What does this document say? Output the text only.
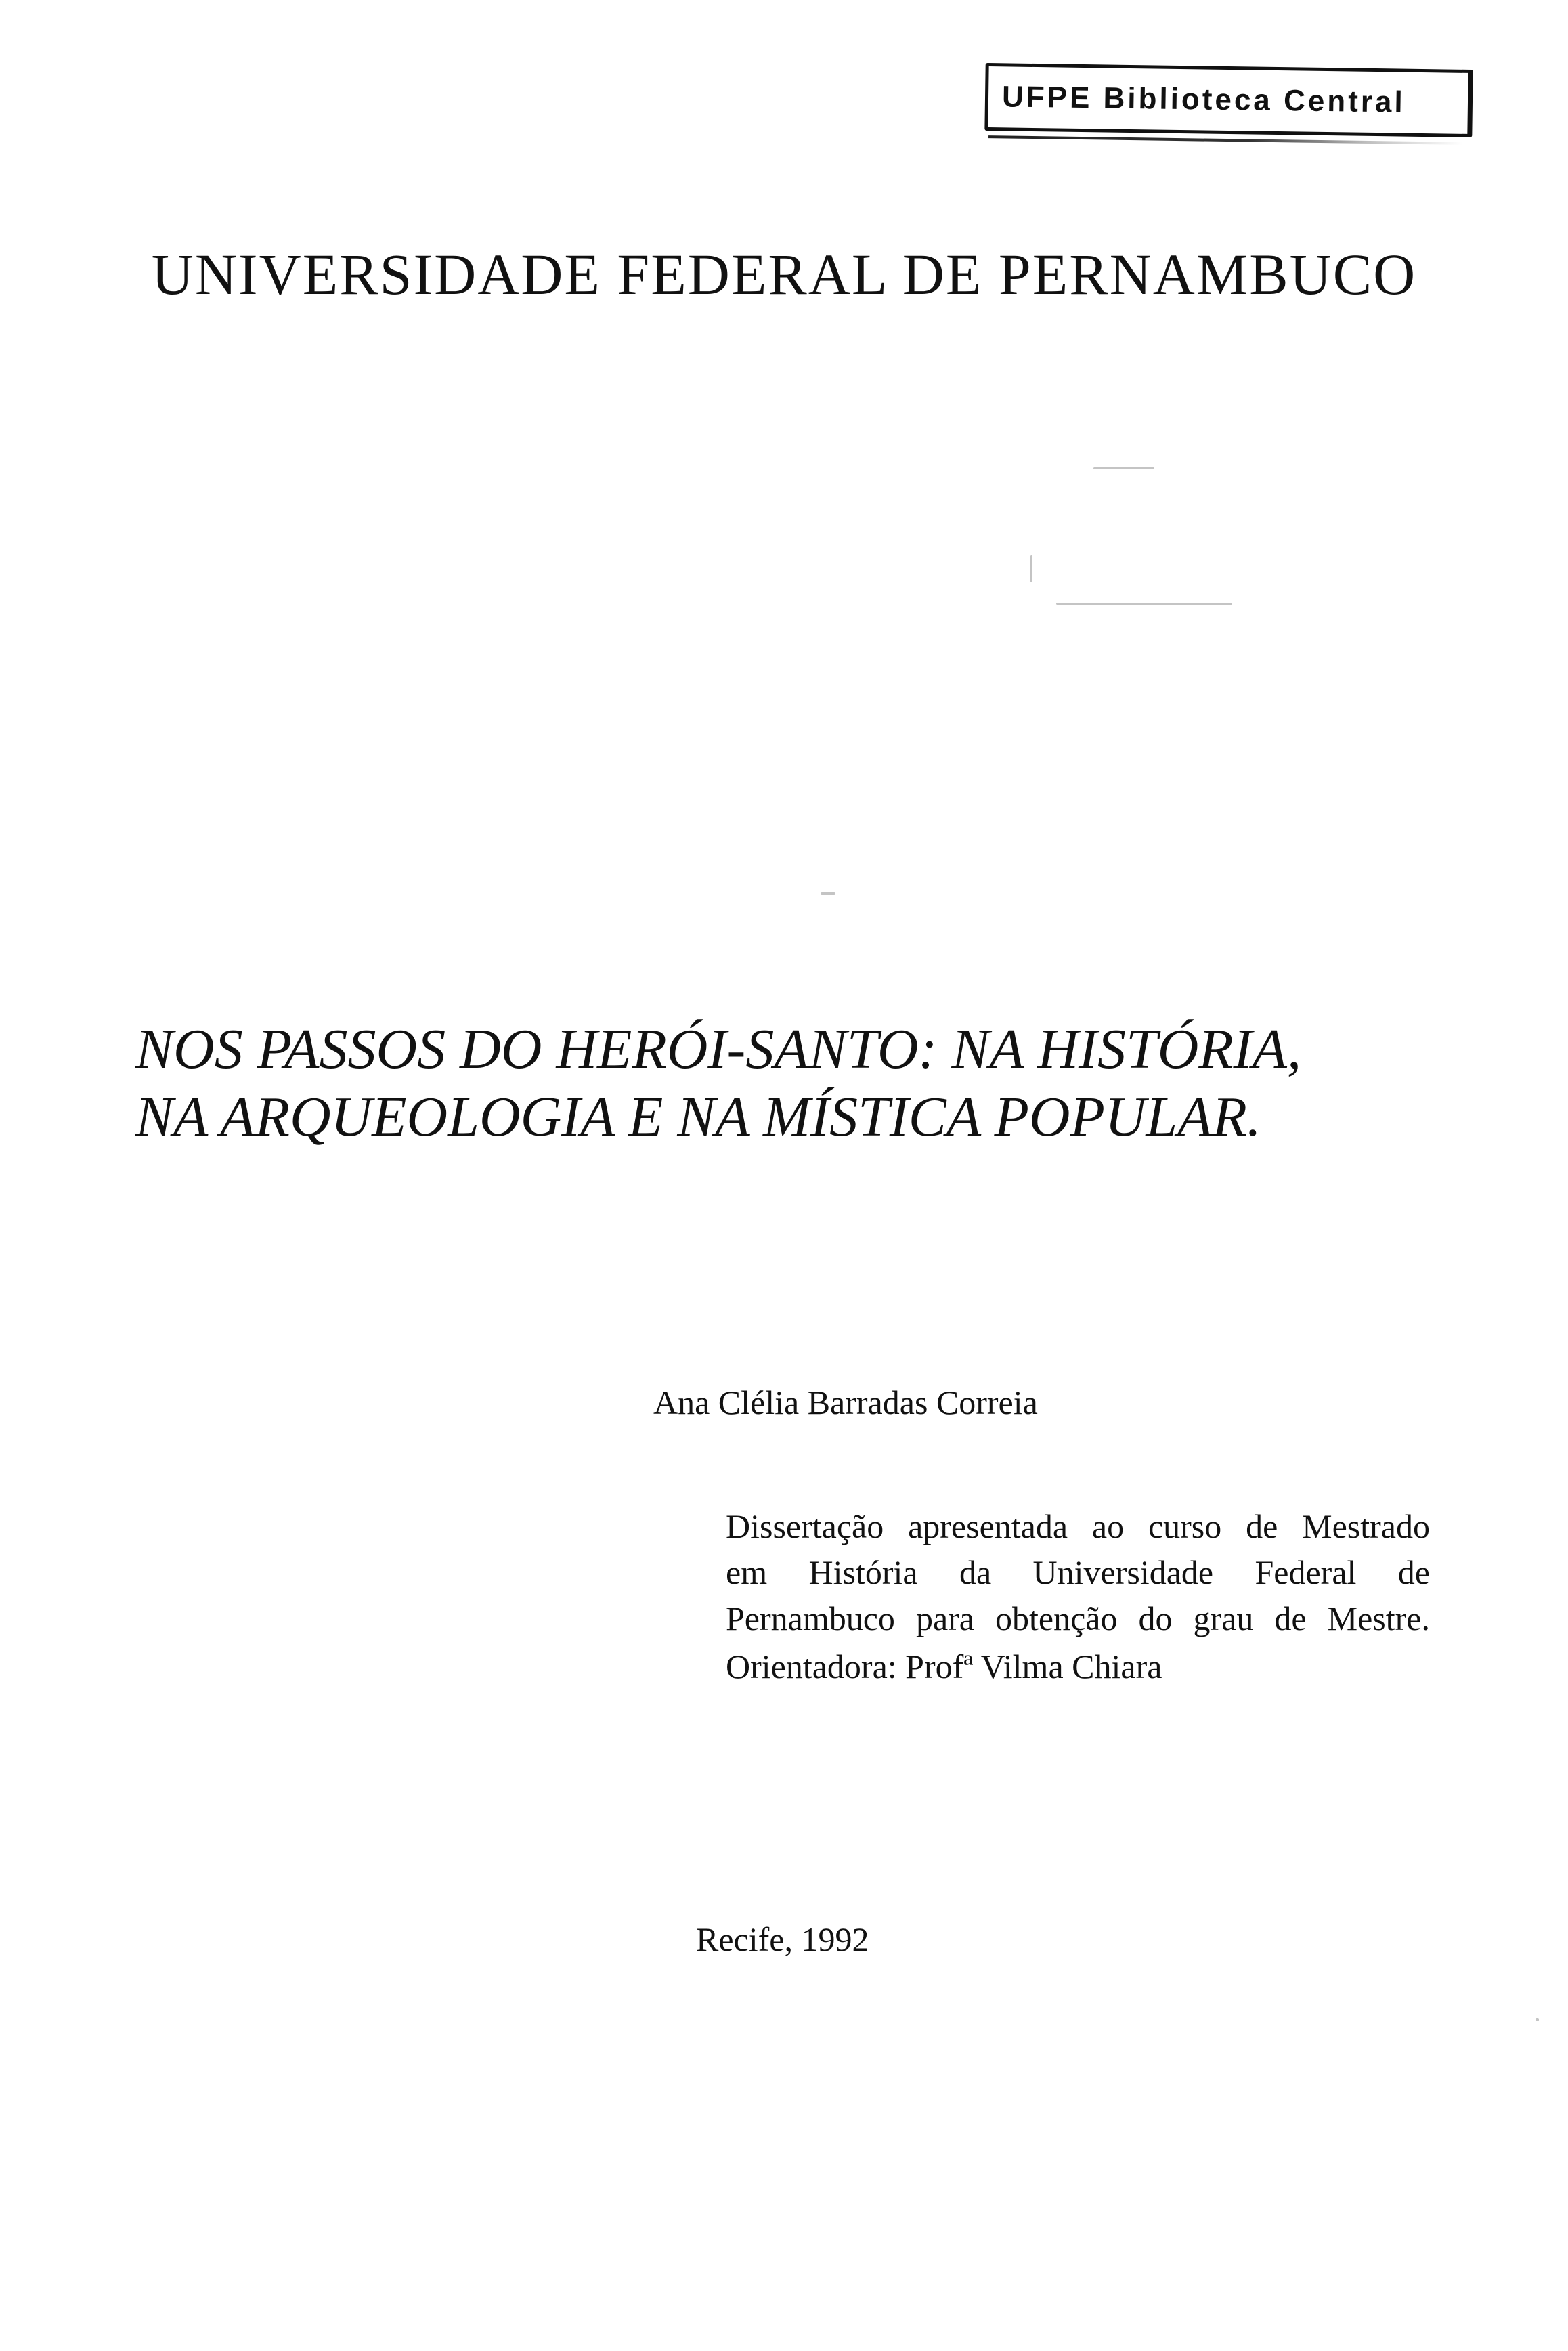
UFPE Biblioteca Central
UNIVERSIDADE FEDERAL DE PERNAMBUCO
NOS PASSOS DO HERÓI-SANTO: NA HISTÓRIA,
NA ARQUEOLOGIA E NA MÍSTICA POPULAR.
Ana Clélia Barradas Correia
Dissertação apresentada ao curso de Mestrado
em História da Universidade Federal de
Pernambuco para obtenção do grau de Mestre.
Orientadora: Profª Vilma Chiara
Recife, 1992
